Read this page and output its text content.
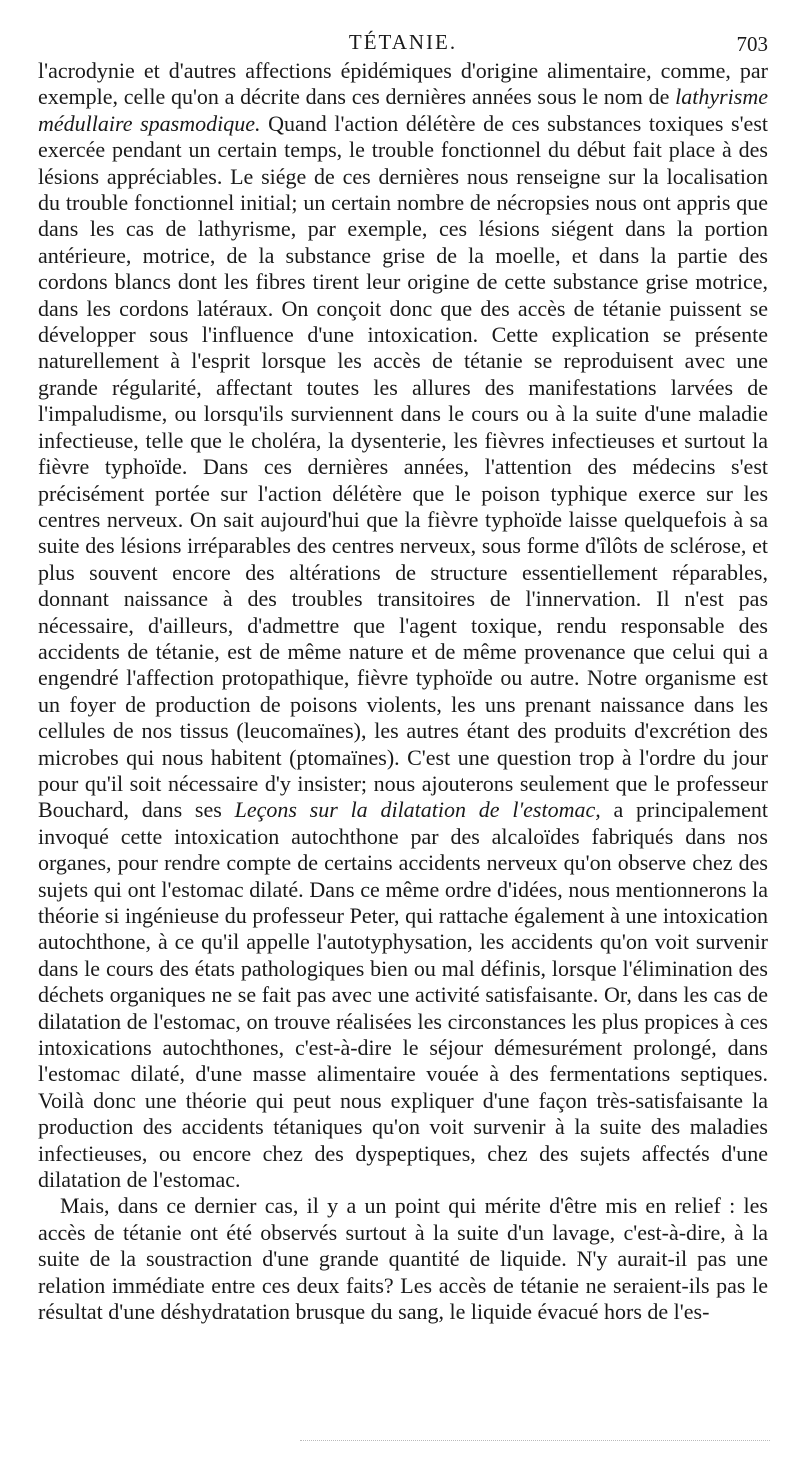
TÉTANIE.	703

l'acrodynie et d'autres affections épidémiques d'origine alimentaire, comme, par exemple, celle qu'on a décrite dans ces dernières années sous le nom de lathyrisme médullaire spasmodique. Quand l'action délétère de ces substances toxiques s'est exercée pendant un certain temps, le trouble fonctionnel du début fait place à des lésions appréciables. Le siége de ces dernières nous renseigne sur la localisation du trouble fonctionnel initial; un certain nombre de nécropsies nous ont appris que dans les cas de lathyrisme, par exemple, ces lésions siégent dans la portion antérieure, motrice, de la substance grise de la moelle, et dans la partie des cordons blancs dont les fibres tirent leur origine de cette substance grise motrice, dans les cordons latéraux. On conçoit donc que des accès de tétanie puissent se développer sous l'influence d'une intoxication. Cette explication se présente naturellement à l'esprit lorsque les accès de tétanie se reproduisent avec une grande régularité, affectant toutes les allures des manifestations larvées de l'impaludisme, ou lorsqu'ils surviennent dans le cours ou à la suite d'une maladie infectieuse, telle que le choléra, la dysenterie, les fièvres infectieuses et surtout la fièvre typhoïde. Dans ces dernières années, l'attention des médecins s'est précisément portée sur l'action délétère que le poison typhique exerce sur les centres nerveux. On sait aujourd'hui que la fièvre typhoïde laisse quelquefois à sa suite des lésions irréparables des centres nerveux, sous forme d'îlôts de sclérose, et plus souvent encore des altérations de structure essentiellement réparables, donnant naissance à des troubles transitoires de l'innervation. Il n'est pas nécessaire, d'ailleurs, d'admettre que l'agent toxique, rendu responsable des accidents de tétanie, est de même nature et de même provenance que celui qui a engendré l'affection protopathique, fièvre typhoïde ou autre. Notre organisme est un foyer de production de poisons violents, les uns prenant naissance dans les cellules de nos tissus (leucomaïnes), les autres étant des produits d'excrétion des microbes qui nous habitent (ptomaïnes). C'est une question trop à l'ordre du jour pour qu'il soit nécessaire d'y insister; nous ajouterons seulement que le professeur Bouchard, dans ses Leçons sur la dilatation de l'estomac, a principalement invoqué cette intoxication autochthone par des alcaloïdes fabriqués dans nos organes, pour rendre compte de certains accidents nerveux qu'on observe chez des sujets qui ont l'estomac dilaté. Dans ce même ordre d'idées, nous mentionnerons la théorie si ingénieuse du professeur Peter, qui rattache également à une intoxication autochthone, à ce qu'il appelle l'autotyphysation, les accidents qu'on voit survenir dans le cours des états pathologiques bien ou mal définis, lorsque l'élimination des déchets organiques ne se fait pas avec une activité satisfaisante. Or, dans les cas de dilatation de l'estomac, on trouve réalisées les circonstances les plus propices à ces intoxications autochthones, c'est-à-dire le séjour démesurément prolongé, dans l'estomac dilaté, d'une masse alimentaire vouée à des fermentations septiques. Voilà donc une théorie qui peut nous expliquer d'une façon très-satisfaisante la production des accidents tétaniques qu'on voit survenir à la suite des maladies infectieuses, ou encore chez des dyspeptiques, chez des sujets affectés d'une dilatation de l'estomac.

Mais, dans ce dernier cas, il y a un point qui mérite d'être mis en relief : les accès de tétanie ont été observés surtout à la suite d'un lavage, c'est-à-dire, à la suite de la soustraction d'une grande quantité de liquide. N'y aurait-il pas une relation immédiate entre ces deux faits? Les accès de tétanie ne seraient-ils pas le résultat d'une déshydratation brusque du sang, le liquide évacué hors de l'es-
